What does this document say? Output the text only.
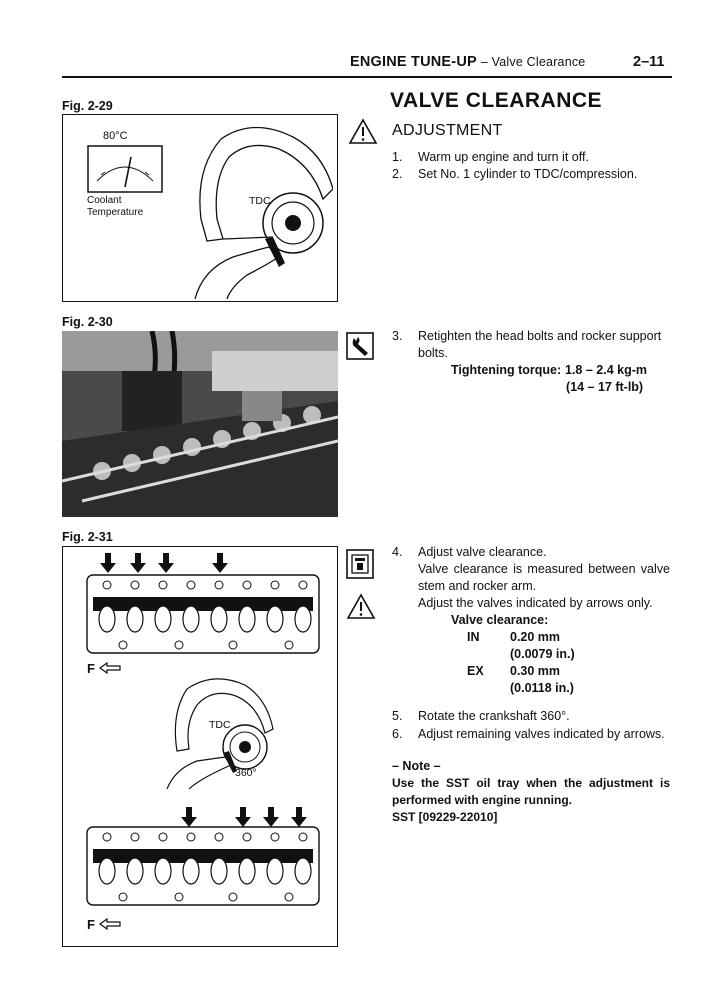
ENGINE TUNE-UP – Valve Clearance	2–11
Fig. 2-29
80°C
Coolant
Temperature
TDC
Fig. 2-30
Fig. 2-31
F
TDC
360°
F
VALVE CLEARANCE
ADJUSTMENT
1. Warm up engine and turn it off.
2. Set No. 1 cylinder to TDC/compression.
3. Retighten the head bolts and rocker support
bolts.
Tightening torque: 1.8 – 2.4 kg-m
(14 – 17 ft-lb)
4. Adjust valve clearance.
Valve clearance is measured between valve
stem and rocker arm.
Adjust the valves indicated by arrows only.
Valve clearance:
IN 0.20 mm
(0.0079 in.)
EX 0.30 mm
(0.0118 in.)
5. Rotate the crankshaft 360°.
6. Adjust remaining valves indicated by arrows.
– Note –
Use the SST oil tray when the adjustment is
performed with engine running.
SST [09229-22010]
